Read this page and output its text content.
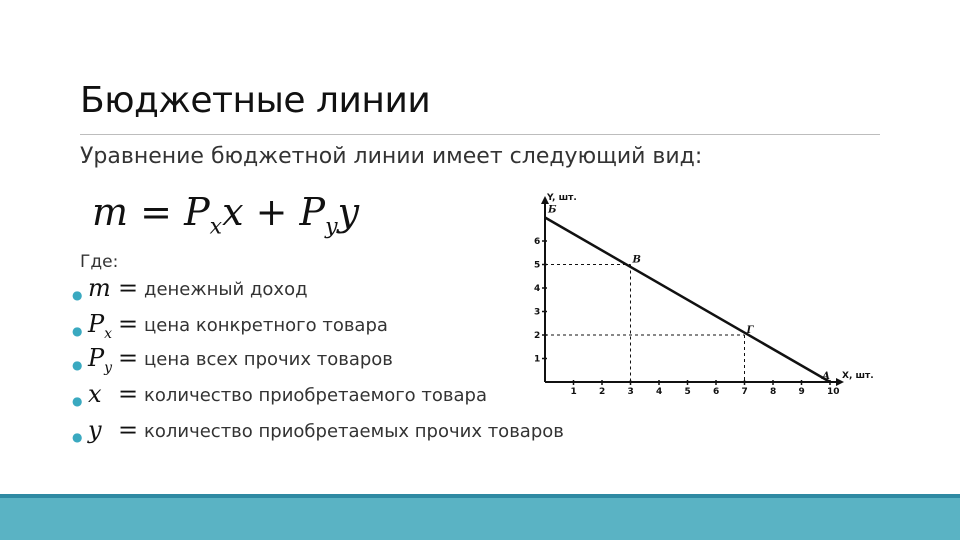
Бюджетные линии
Уравнение бюджетной линии имеет следующий вид:
$m = P_xx + P_yy$
Где:
● m = денежный доход
● $P_x$ = цена конкретного товара
● $P_y$ = цена всех прочих товаров
● x = количество приобретаемого товара
● y = количество приобретаемых прочих товаров
Y, шт.
X, шт.
1 2 3 4 5 6 7 8 9 10
1
2
3
4
5
6
Б
В
Г
А
